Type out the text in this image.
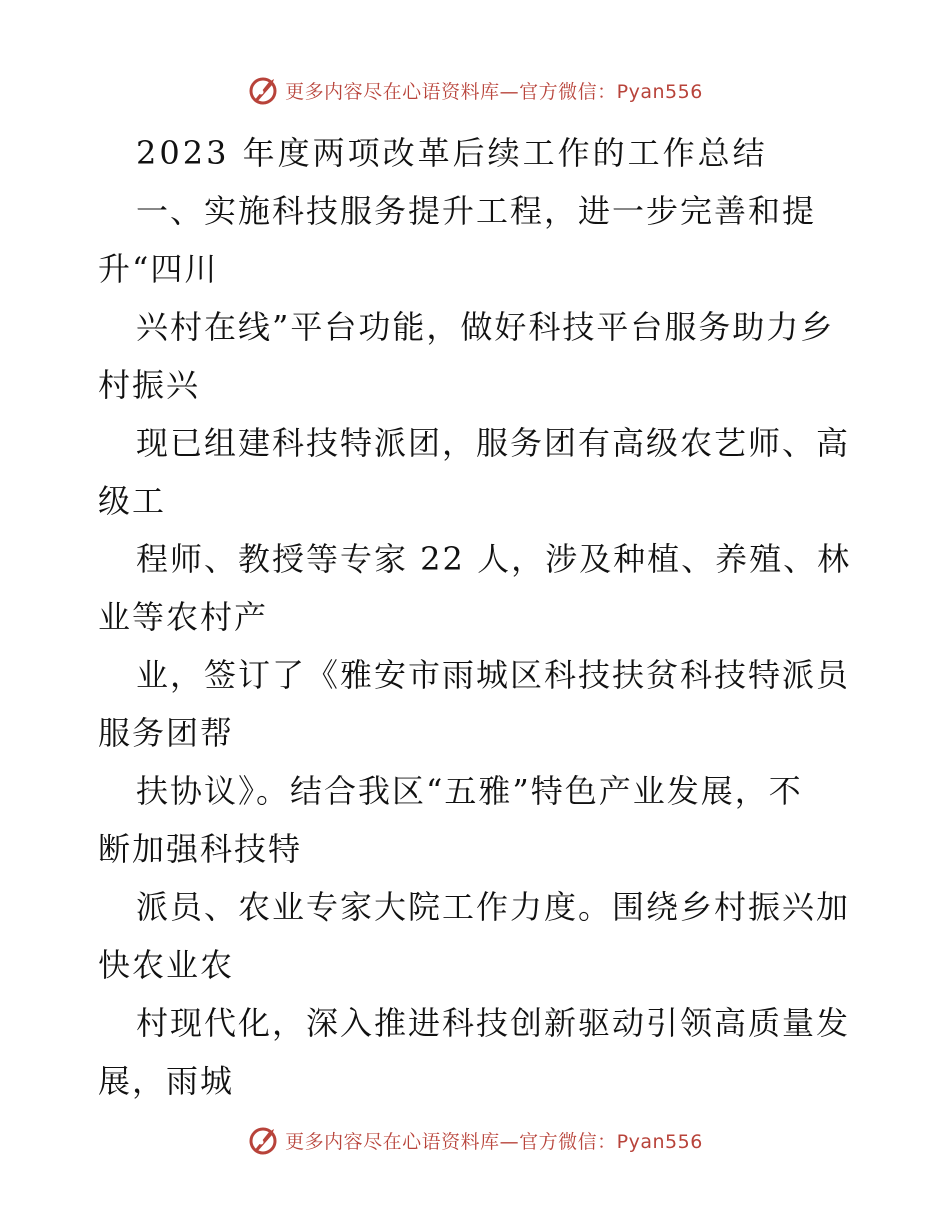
更多内容尽在心语资料库—官方微信：Pyan556
2023 年度两项改革后续工作的工作总结
一、实施科技服务提升工程，进一步完善和提
升“四川
兴村在线”平台功能，做好科技平台服务助力乡
村振兴
现已组建科技特派团，服务团有高级农艺师、高
级工
程师、教授等专家 22 人，涉及种植、养殖、林
业等农村产
业，签订了《雅安市雨城区科技扶贫科技特派员
服务团帮
扶协议》。结合我区“五雅”特色产业发展，不
断加强科技特
派员、农业专家大院工作力度。围绕乡村振兴加
快农业农
村现代化，深入推进科技创新驱动引领高质量发
展，雨城
更多内容尽在心语资料库—官方微信：Pyan556
